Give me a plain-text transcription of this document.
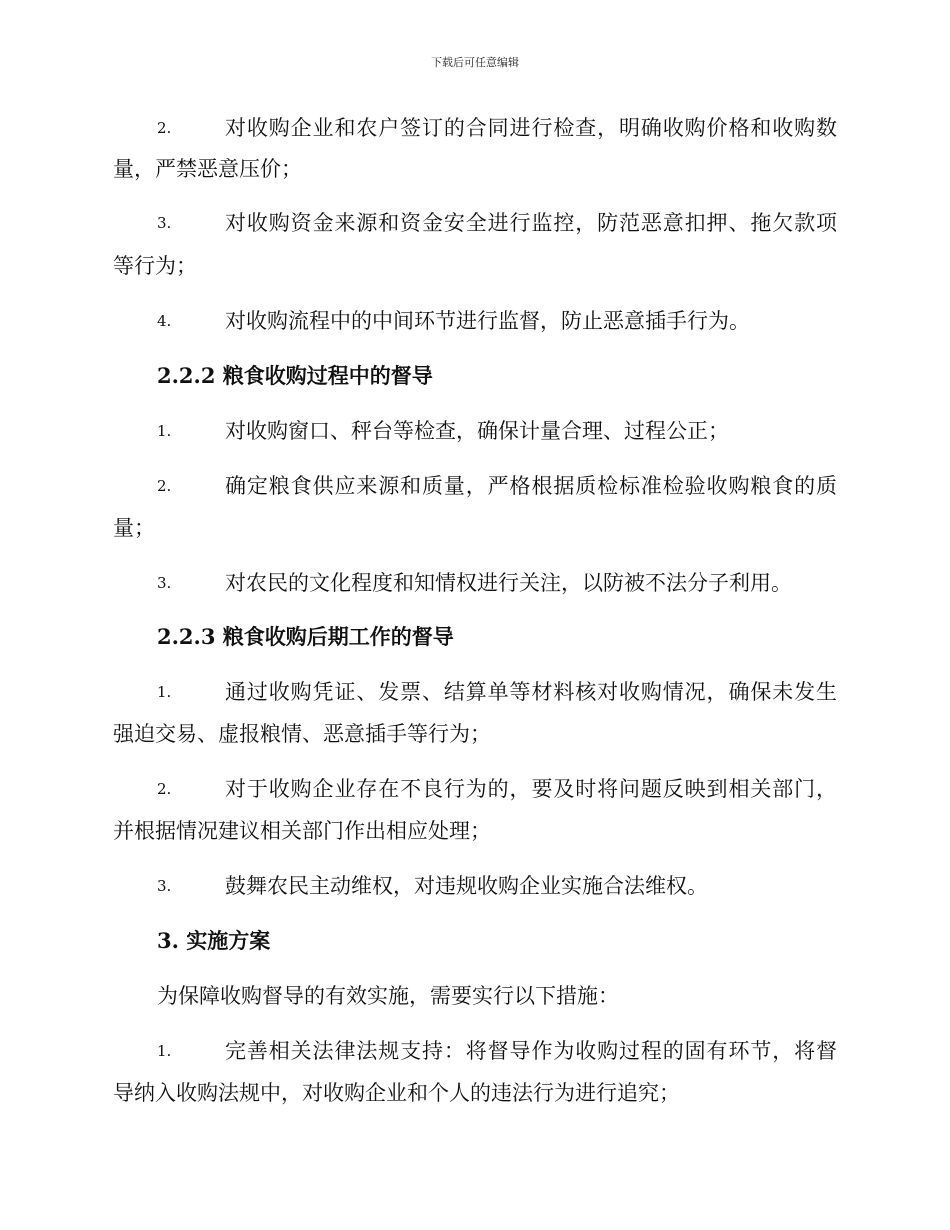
下载后可任意编辑
2.	对收购企业和农户签订的合同进行检查，明确收购价格和收购数
量，严禁恶意压价；
3.	对收购资金来源和资金安全进行监控，防范恶意扣押、拖欠款项
等行为；
4.	对收购流程中的中间环节进行监督，防止恶意插手行为。
2.2.2 粮食收购过程中的督导
1.	对收购窗口、秤台等检查，确保计量合理、过程公正；
2.	确定粮食供应来源和质量，严格根据质检标准检验收购粮食的质
量；
3.	对农民的文化程度和知情权进行关注，以防被不法分子利用。
2.2.3 粮食收购后期工作的督导
1.	通过收购凭证、发票、结算单等材料核对收购情况，确保未发生
强迫交易、虚报粮情、恶意插手等行为；
2.	对于收购企业存在不良行为的，要及时将问题反映到相关部门，
并根据情况建议相关部门作出相应处理；
3.	鼓舞农民主动维权，对违规收购企业实施合法维权。
3. 实施方案
为保障收购督导的有效实施，需要实行以下措施：
1.	完善相关法律法规支持：将督导作为收购过程的固有环节，将督
导纳入收购法规中，对收购企业和个人的违法行为进行追究；
